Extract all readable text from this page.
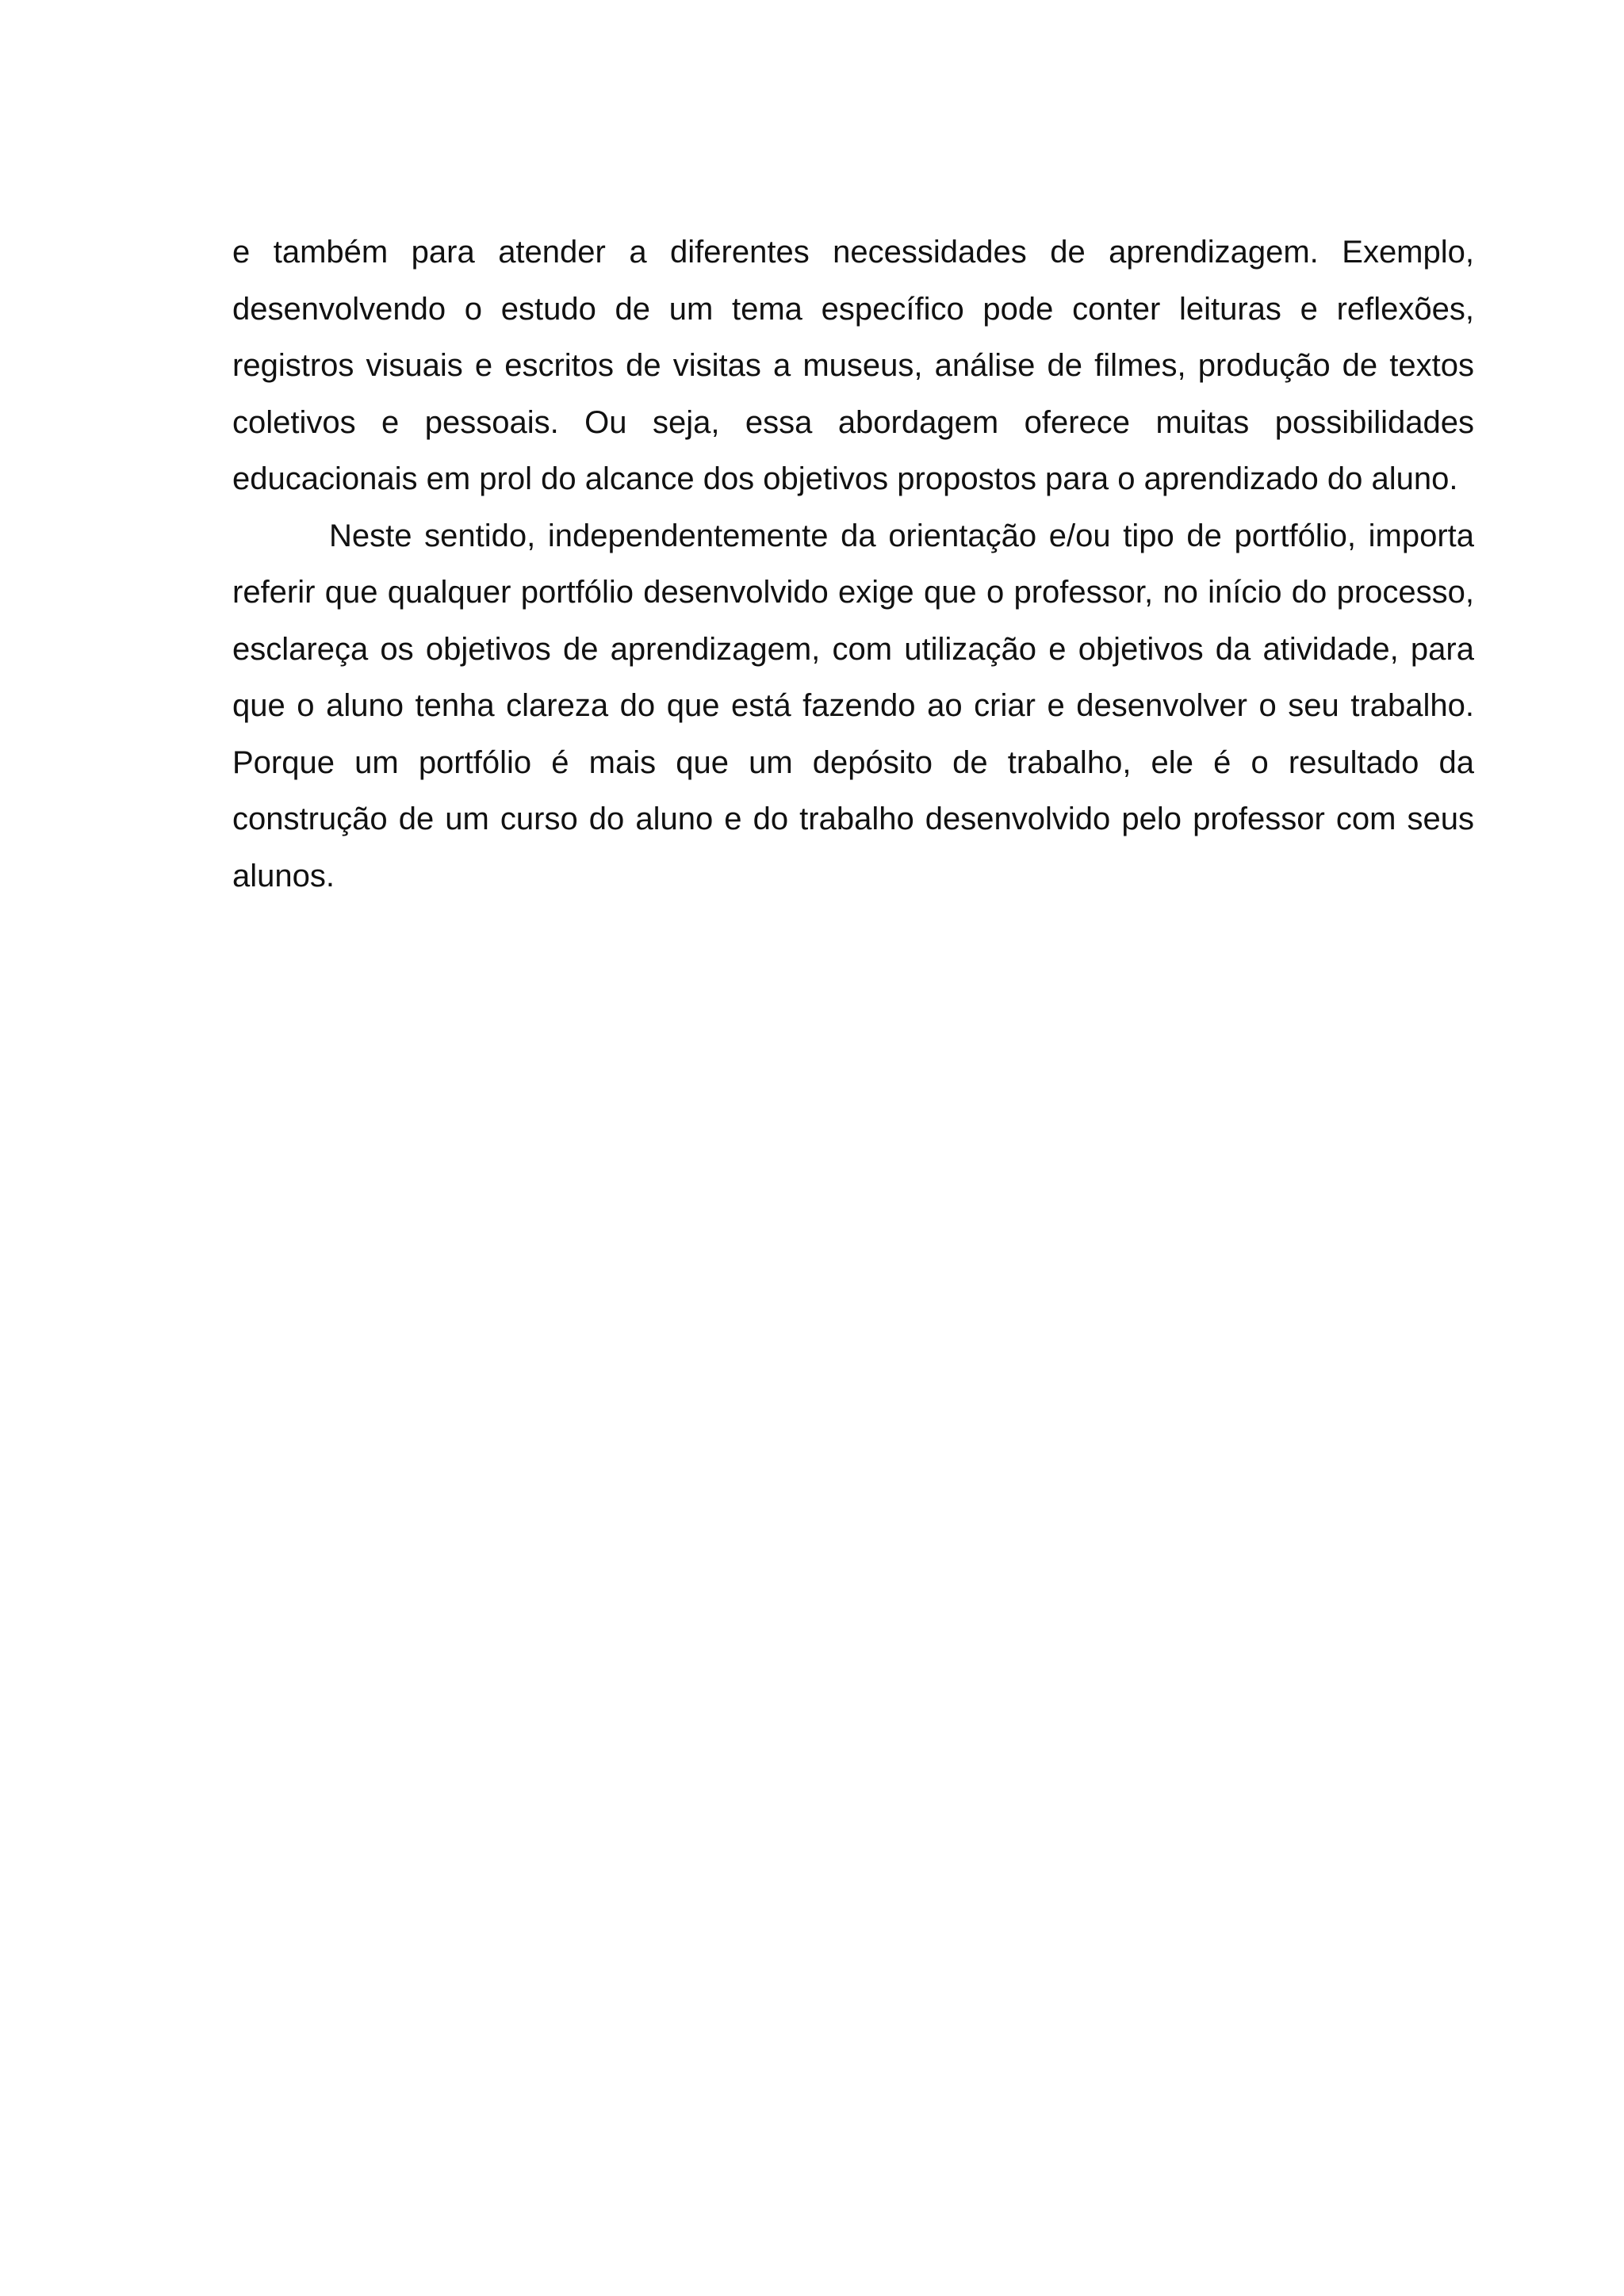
e também para atender a diferentes necessidades de aprendizagem. Exemplo, desenvolvendo o estudo de um tema específico pode conter leituras e reflexões, registros visuais e escritos de visitas a museus, análise de filmes, produção de textos coletivos e pessoais. Ou seja, essa abordagem oferece muitas possibilidades educacionais em prol do alcance dos objetivos propostos para o aprendizado do aluno.

Neste sentido, independentemente da orientação e/ou tipo de portfólio, importa referir que qualquer portfólio desenvolvido exige que o professor, no início do processo, esclareça os objetivos de aprendizagem, com utilização e objetivos da atividade, para que o aluno tenha clareza do que está fazendo ao criar e desenvolver o seu trabalho. Porque um portfólio é mais que um depósito de trabalho, ele é o resultado da construção de um curso do aluno e do trabalho desenvolvido pelo professor com seus alunos.
